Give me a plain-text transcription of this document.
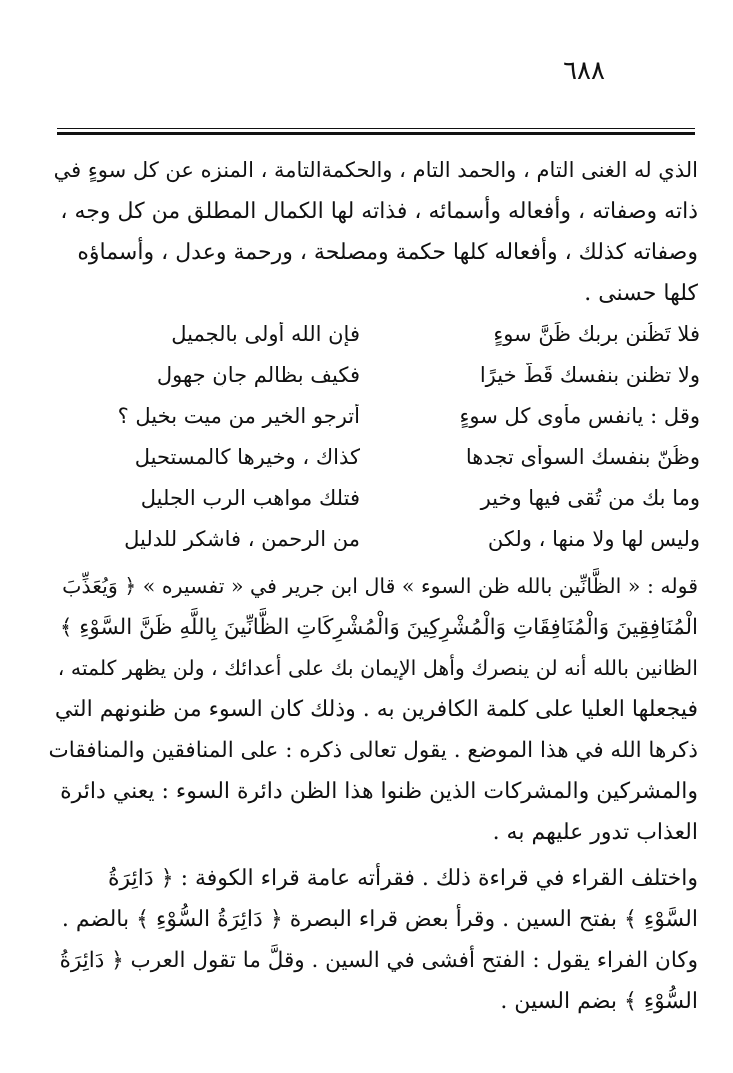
٦٨٨
الذي له الغنى التام ، والحمد التام ، والحكمةالتامة ، المنزه عن كل سوءٍ في
ذاته وصفاته ، وأفعاله وأسمائه ، فذاته لها الكمال المطلق من كل وجه ،
وصفاته كذلك ، وأفعاله كلها حكمة ومصلحة ، ورحمة وعدل ، وأسماؤه
كلها حسنى .
فلا تَظُنن بربك ظَنَّ سوءٍ
فإن الله أولى بالجميل
ولا تظنن بنفسك قَطُّ خيرًا
فكيف بظالم جانٍ جهول
وقل : يانفس مأوى كل سوءٍ
أترجو الخير من ميت بخيل ؟
وظُنّ بنفسك السوأى تجدها
كذاك ، وخيرها كالمستحيل
وما بك من تُقى فيها وخير
فتلك مواهب الرب الجليل
وليس لها ولا منها ، ولكن
من الرحمن ، فاشكر للدليل
قوله : « الظَّانِّين بالله ظن السوء » قال ابن جرير في « تفسيره » ﴿ وَيُعَذِّبَ
الْمُنَافِقِينَ وَالْمُنَافِقَاتِ وَالْمُشْرِكِينَ وَالْمُشْرِكَاتِ الظَّانِّينَ بِاللَّهِ ظَنَّ السَّوْءِ ﴾
الظانين بالله أنه لن ينصرك وأهل الإيمان بك على أعدائك ، ولن يظهر كلمته ،
فيجعلها العليا على كلمة الكافرين به . وذلك كان السوء من ظنونهم التي
ذكرها الله في هذا الموضع . يقول تعالى ذكره : على المنافقين والمنافقات
والمشركين والمشركات الذين ظنوا هذا الظن دائرة السوء : يعني دائرة
العذاب تدور عليهم به .
واختلف القراء في قراءة ذلك . فقرأته عامة قراء الكوفة : ﴿ دَائِرَةُ
السَّوْءِ ﴾ بفتح السين . وقرأ بعض قراء البصرة ﴿ دَائِرَةُ السُّوْءِ ﴾ بالضم .
وكان الفراء يقول : الفتح أفشى في السين . وقلَّ ما تقول العرب ﴿ دَائِرَةُ
السُّوْءِ ﴾ بضم السين .
